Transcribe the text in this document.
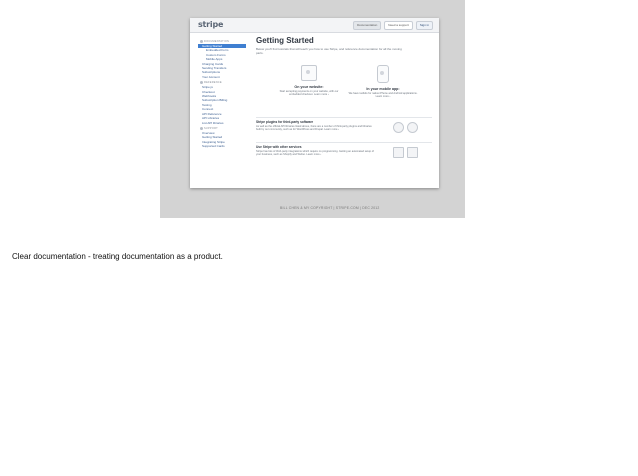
stripe	Documentation	Need a support	Sign in
DOCUMENTATION
Getting Started
Embedded Form
Custom Forms
Mobile Apps
Charging Cards
Sending Transfers
Subscriptions
Your Account
REFERENCE
Stripe.js
Checkout
Webhooks
Subscription Billing
Testing
Connect
API Reference
API Libraries
List API libraries
SUPPORT
Overview
Getting Started
Integrating Stripe
Supported Cards
Getting Started
Below you'll find tutorials that will teach you how to use Stripe, and reference documentation for all the moving parts.
On your website:
Start accepting payments on your website, with our embedded checkout. Learn more ›
In your mobile app:
We have toolkits for native iPhone and Android applications. Learn more ›
Stripe plugins for third-party software
As well as the official API libraries listed above, there are a number of third-party plugins and libraries built by our community, such as for WordPress and Drupal. Learn more ›
Use Stripe with other services
Stripe has lots of third-party integrations which require no programming. Getting an automated setup of your business, such as Shopify and Wufoo. Learn more ›
BILL CHEN & MY COPYRIGHT | STRIPE.COM | DEC 2012
Clear documentation - treating documentation as a product.
